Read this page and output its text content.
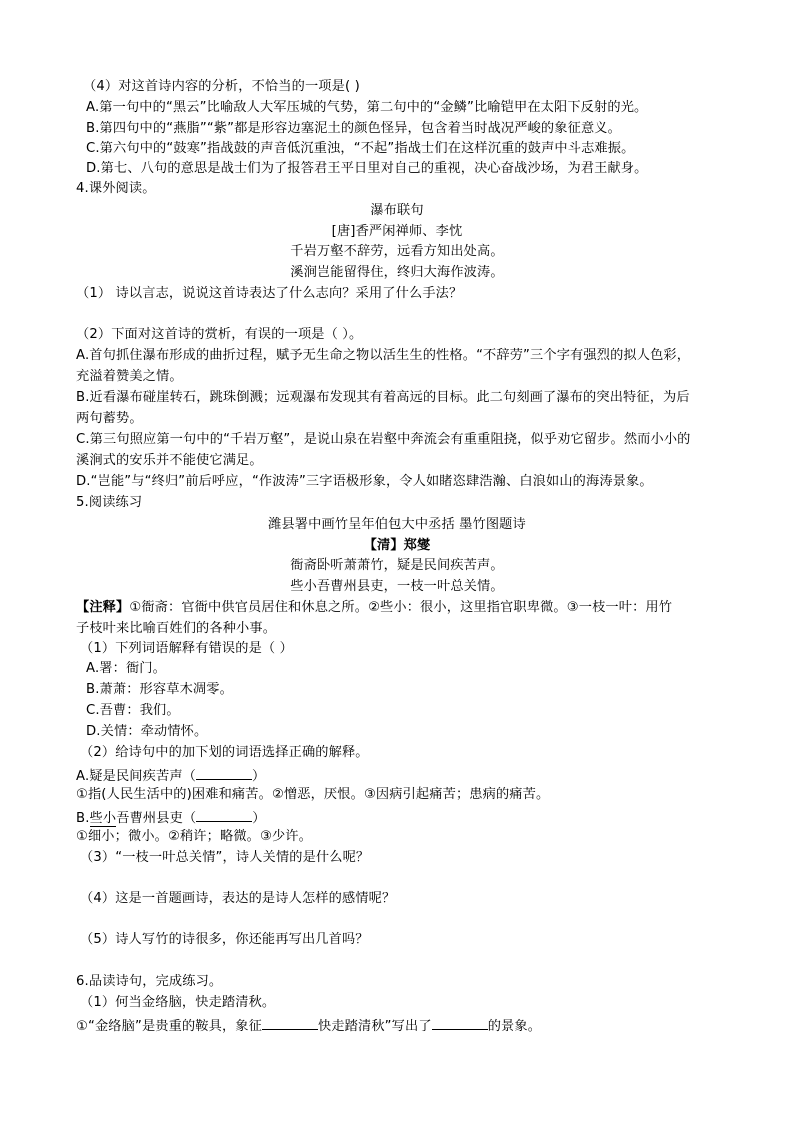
（4）对这首诗内容的分析，不恰当的一项是( )
A.第一句中的“黑云”比喻敌人大军压城的气势，第二句中的“金鳞”比喻铠甲在太阳下反射的光。
B.第四句中的“燕脂”“紫”都是形容边塞泥土的颜色怪异，包含着当时战况严峻的象征意义。
C.第六句中的“鼓寒”指战鼓的声音低沉重浊，“不起”指战士们在这样沉重的鼓声中斗志难振。
D.第七、八句的意思是战士们为了报答君王平日里对自己的重视，决心奋战沙场，为君王献身。
4.课外阅读。
瀑布联句
[唐]香严闲禅师、李忱
千岩万壑不辞劳，远看方知出处高。
溪涧岂能留得住，终归大海作波涛。
（1） 诗以言志，说说这首诗表达了什么志向？采用了什么手法？
（2）下面对这首诗的赏析，有误的一项是（ ）。
A.首句抓住瀑布形成的曲折过程，赋予无生命之物以活生生的性格。“不辞劳”三个字有强烈的拟人色彩，
充溢着赞美之情。
B.近看瀑布碰崖转石，跳珠倒溅；远观瀑布发现其有着高远的目标。此二句刻画了瀑布的突出特征，为后
两句蓄势。
C.第三句照应第一句中的“千岩万壑”，是说山泉在岩壑中奔流会有重重阻挠，似乎劝它留步。然而小小的
溪涧式的安乐并不能使它满足。
D.“岂能”与“终归”前后呼应，“作波涛”三字语极形象，令人如睹恣肆浩瀚、白浪如山的海涛景象。
5.阅读练习
潍县署中画竹呈年伯包大中丞括 墨竹图题诗
【清】郑燮
衙斋卧听萧萧竹，疑是民间疾苦声。
些小吾曹州县吏，一枝一叶总关情。
【注释】①衙斋：官衙中供官员居住和休息之所。②些小：很小，这里指官职卑微。③一枝一叶：用竹
子枝叶来比喻百姓们的各种小事。
（1）下列词语解释有错误的是（ ）
A.署：衙门。
B.萧萧：形容草木凋零。
C.吾曹：我们。
D.关情：牵动情怀。
（2）给诗句中的加下划的词语选择正确的解释。
A.疑是民间疾苦声（	）
①指(人民生活中的)困难和痛苦。②憎恶，厌恨。③因病引起痛苦；患病的痛苦。
B.些小吾曹州县吏（	）
①细小；微小。②稍许；略微。③少许。
（3）“一枝一叶总关情”，诗人关情的是什么呢？
（4）这是一首题画诗，表达的是诗人怎样的感情呢？
（5）诗人写竹的诗很多，你还能再写出几首吗？
6.品读诗句，完成练习。
（1）何当金络脑，快走踏清秋。
①“金络脑”是贵重的鞍具，象征	快走踏清秋”写出了	的景象。
